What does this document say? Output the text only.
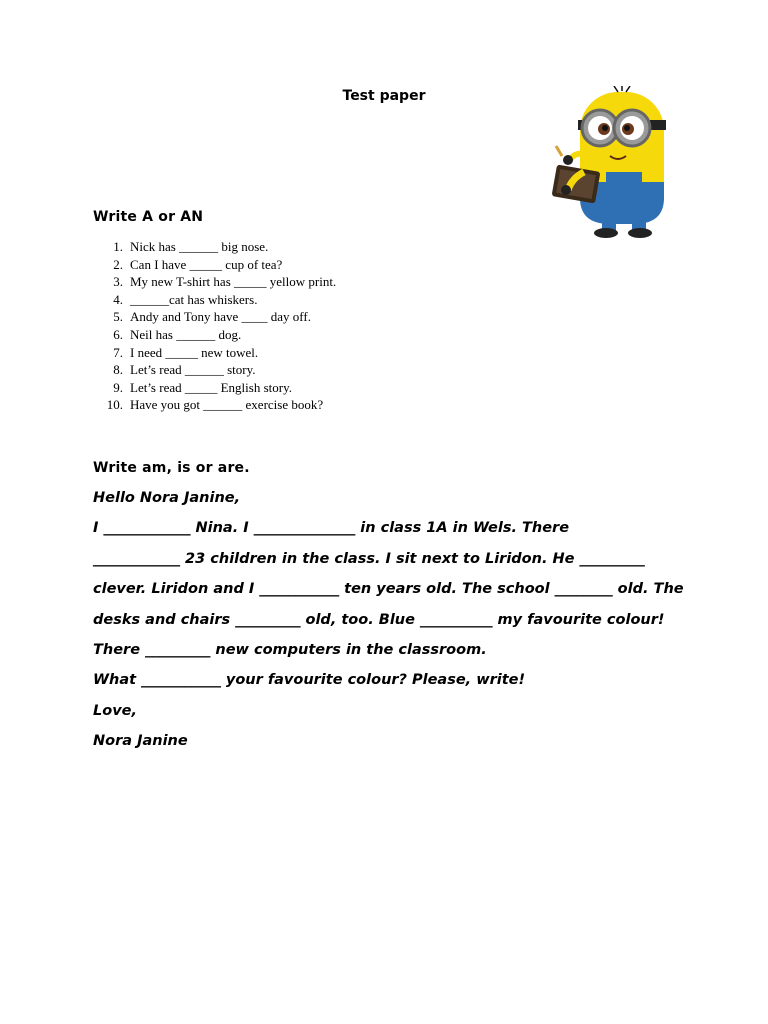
Test paper
Write A or AN
1. Nick has ______ big nose.
2. Can I have _____ cup of tea?
3. My new T-shirt has _____ yellow print.
4. ______cat has whiskers.
5. Andy and Tony have ____ day off.
6. Neil has ______ dog.
7. I need _____ new towel.
8. Let’s read ______ story.
9. Let’s read _____ English story.
10. Have you got ______ exercise book?
Write am, is or are.
Hello Nora Janine,
I ____________ Nina. I ______________ in class 1A in Wels. There
____________ 23 children in the class. I sit next to Liridon. He _________
clever. Liridon and I ___________ ten years old. The school ________ old. The
desks and chairs _________ old, too. Blue __________ my favourite colour!
There _________ new computers in the classroom.
What ___________ your favourite colour? Please, write!
Love,
Nora Janine
